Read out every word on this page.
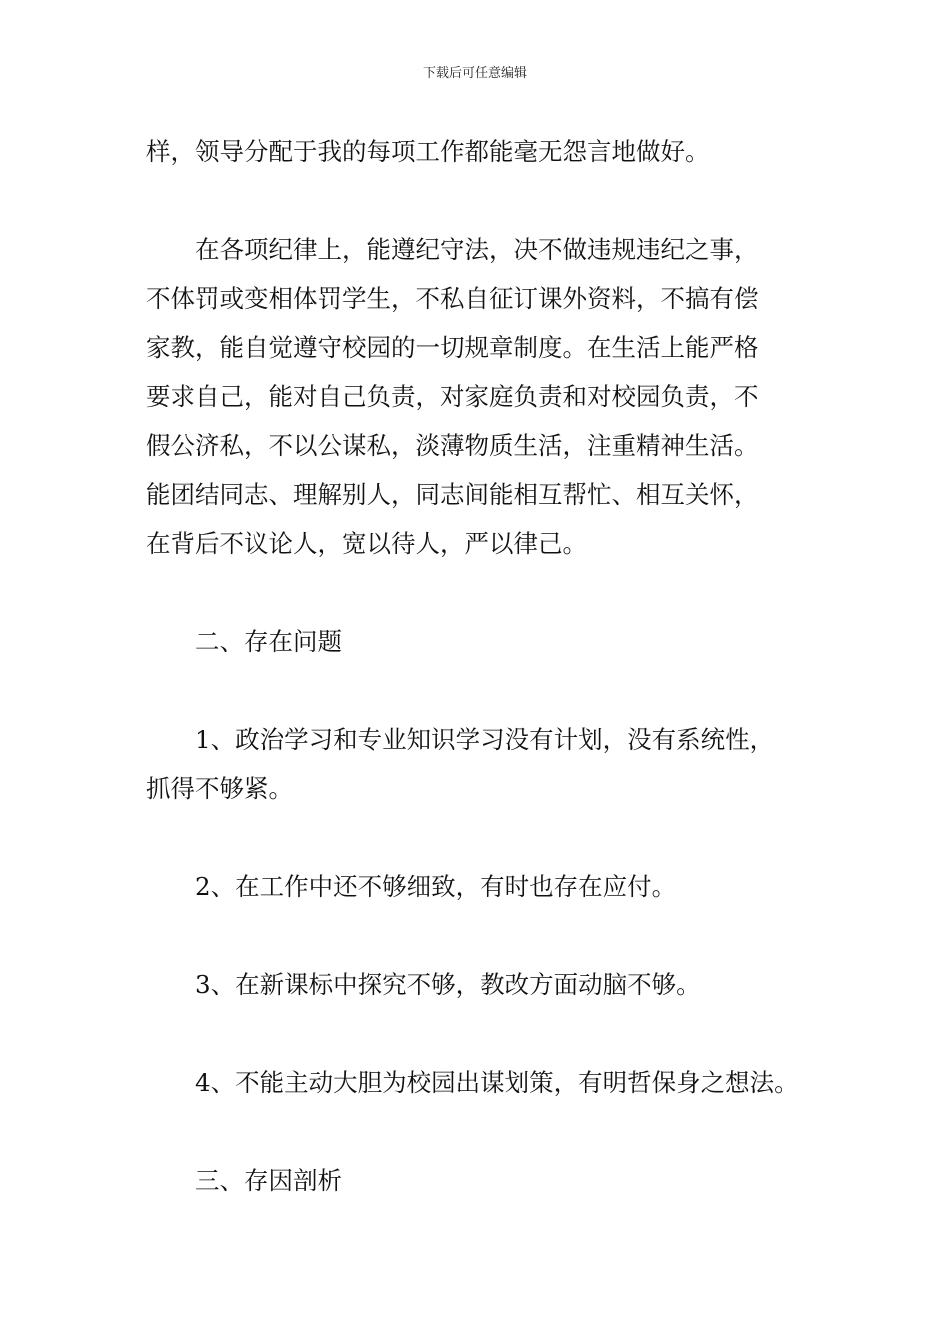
下载后可任意编辑

样，领导分配于我的每项工作都能毫无怨言地做好。

在各项纪律上，能遵纪守法，决不做违规违纪之事，

不体罚或变相体罚学生，不私自征订课外资料，不搞有偿

家教，能自觉遵守校园的一切规章制度。在生活上能严格

要求自己，能对自己负责，对家庭负责和对校园负责，不

假公济私，不以公谋私，淡薄物质生活，注重精神生活。

能团结同志、理解别人，同志间能相互帮忙、相互关怀，

在背后不议论人，宽以待人，严以律己。

二、存在问题

1、政治学习和专业知识学习没有计划，没有系统性，

抓得不够紧。

2、在工作中还不够细致，有时也存在应付。

3、在新课标中探究不够，教改方面动脑不够。

4、不能主动大胆为校园出谋划策，有明哲保身之想法。

三、存因剖析
